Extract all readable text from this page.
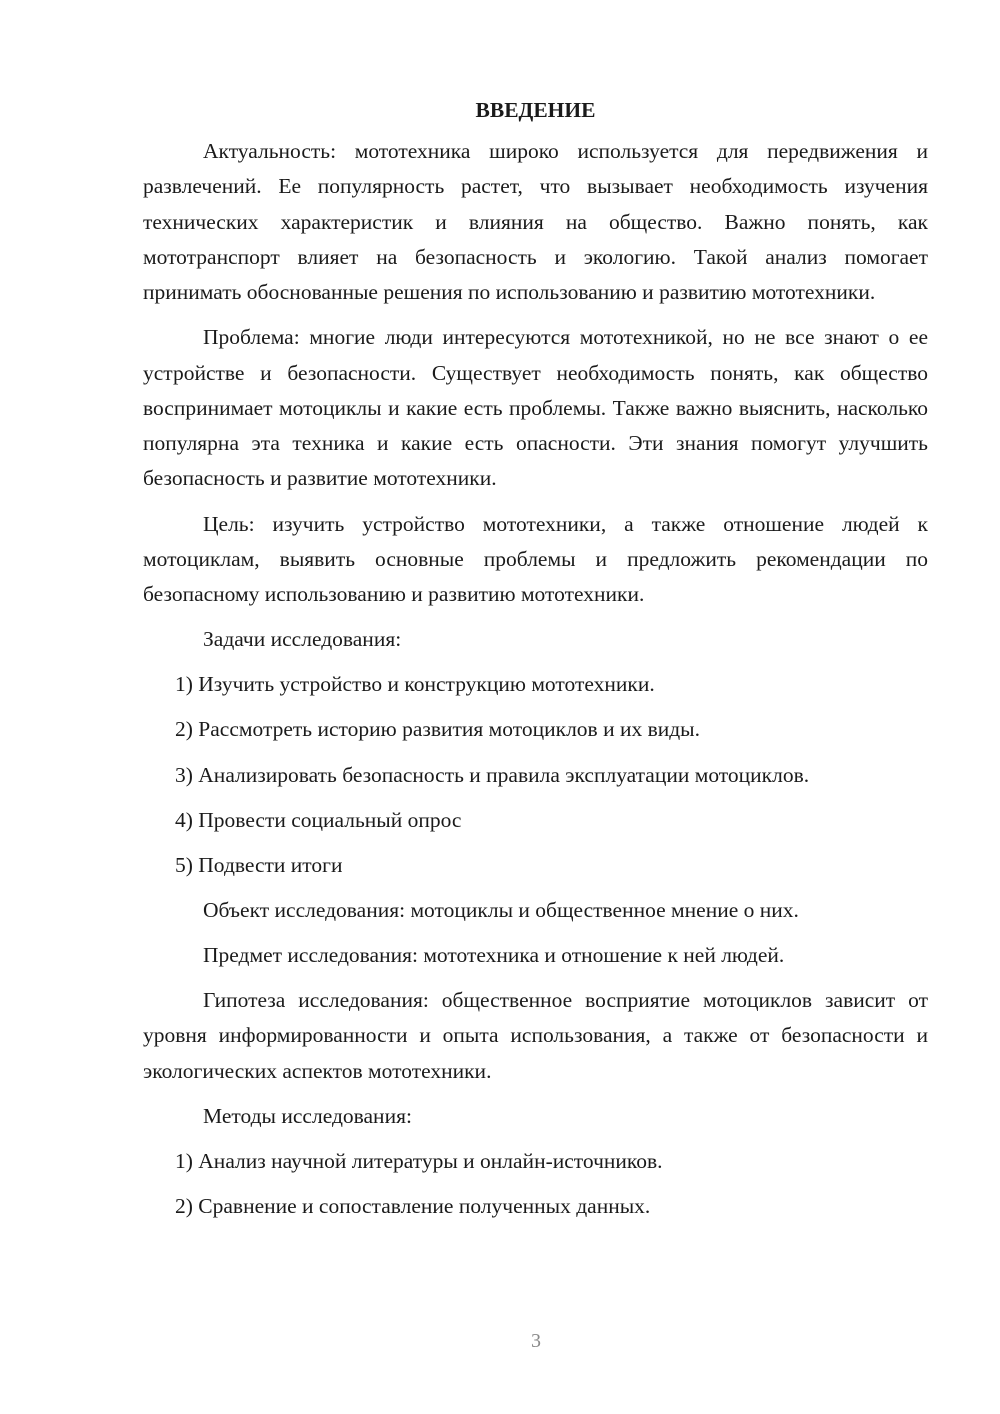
ВВЕДЕНИЕ

Актуальность: мототехника широко используется для передвижения и развлечений. Ее популярность растет, что вызывает необходимость изучения технических характеристик и влияния на общество. Важно понять, как мототранспорт влияет на безопасность и экологию. Такой анализ помогает принимать обоснованные решения по использованию и развитию мототехники.

Проблема: многие люди интересуются мототехникой, но не все знают о ее устройстве и безопасности. Существует необходимость понять, как общество воспринимает мотоциклы и какие есть проблемы. Также важно выяснить, насколько популярна эта техника и какие есть опасности. Эти знания помогут улучшить безопасность и развитие мототехники.

Цель: изучить устройство мототехники, а также отношение людей к мотоциклам, выявить основные проблемы и предложить рекомендации по безопасному использованию и развитию мототехники.

Задачи исследования:
1) Изучить устройство и конструкцию мототехники.
2) Рассмотреть историю развития мотоциклов и их виды.
3) Анализировать безопасность и правила эксплуатации мотоциклов.
4) Провести социальный опрос
5) Подвести итоги
Объект исследования: мотоциклы и общественное мнение о них.
Предмет исследования: мототехника и отношение к ней людей.

Гипотеза исследования: общественное восприятие мотоциклов зависит от уровня информированности и опыта использования, а также от безопасности и экологических аспектов мототехники.

Методы исследования:
1) Анализ научной литературы и онлайн-источников.
2) Сравнение и сопоставление полученных данных.
3
